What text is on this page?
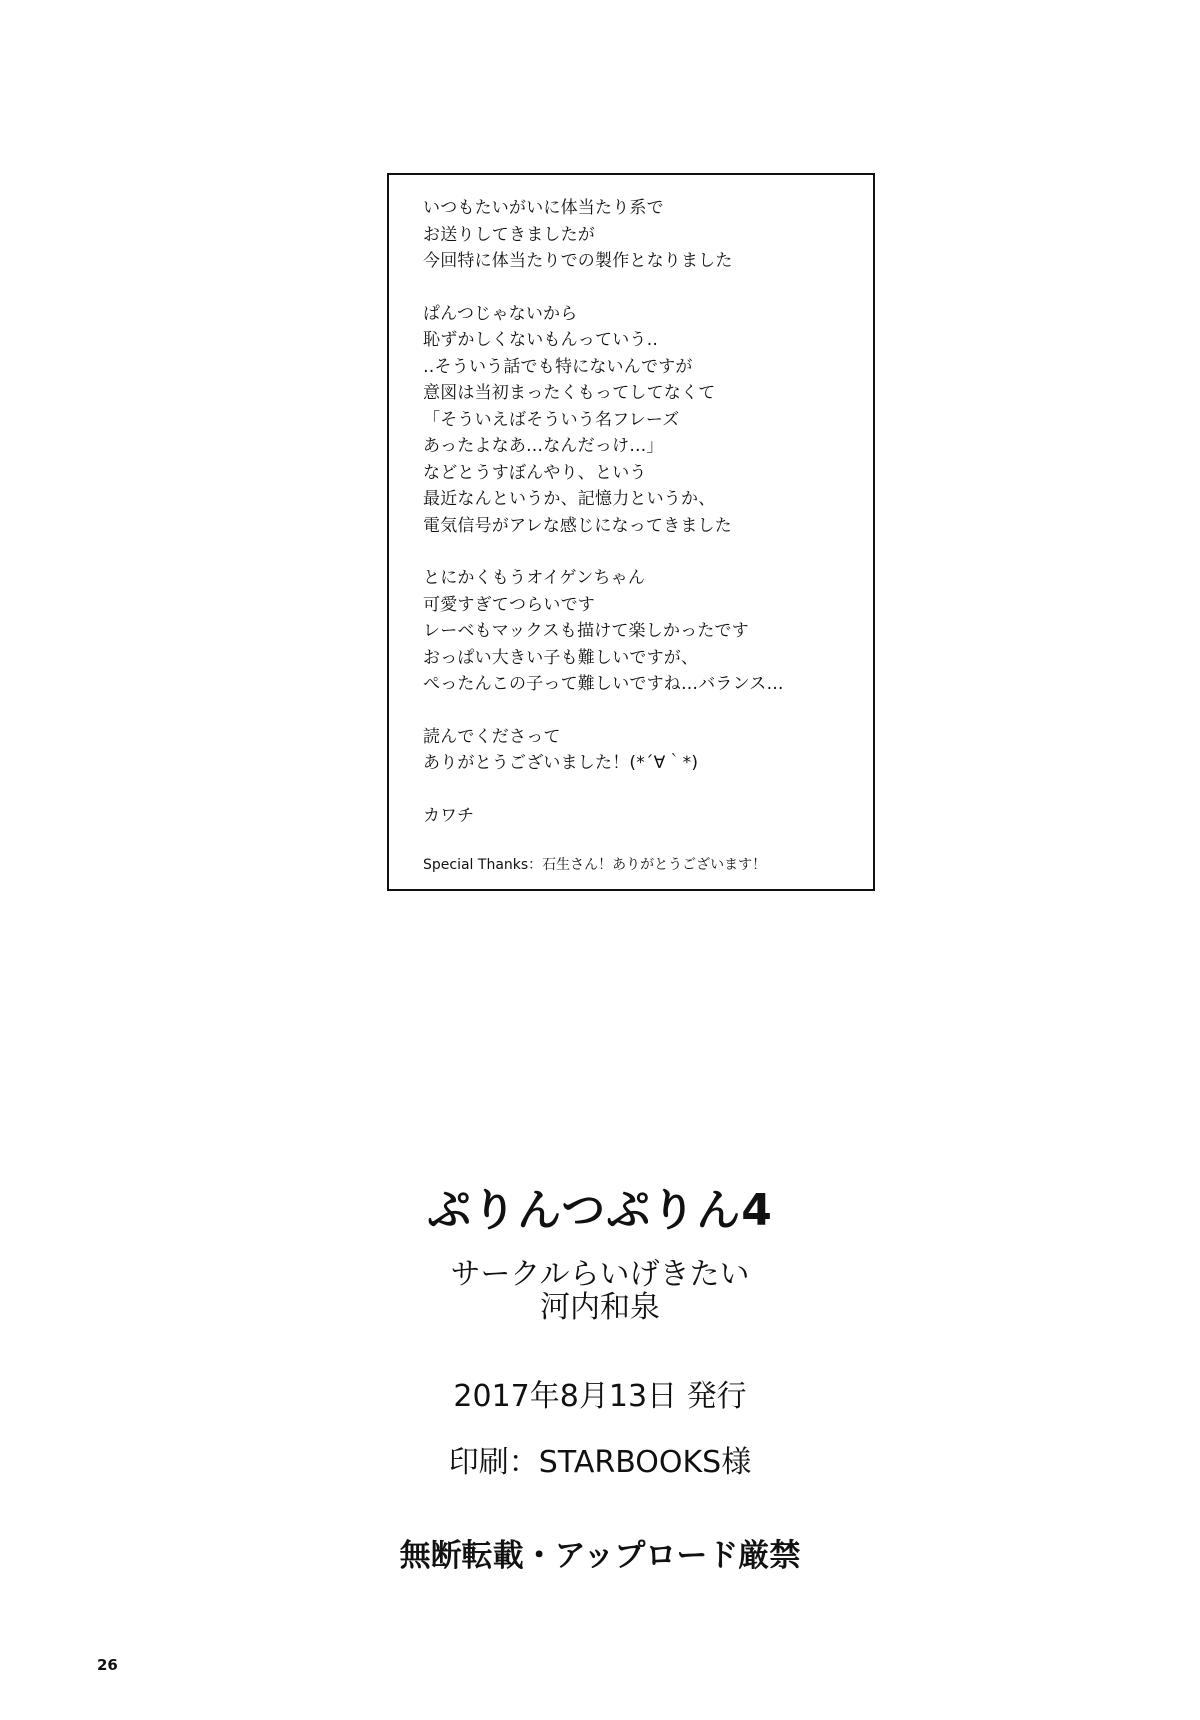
いつもたいがいに体当たり系で
お送りしてきましたが
今回特に体当たりでの製作となりました
ぱんつじゃないから
恥ずかしくないもんっていう‥
‥そういう話でも特にないんですが
意図は当初まったくもってしてなくて
「そういえばそういう名フレーズ
あったよなあ…なんだっけ…」
などとうすぼんやり、という
最近なんというか、記憶力というか、
電気信号がアレな感じになってきました
とにかくもうオイゲンちゃん
可愛すぎてつらいです
レーベもマックスも描けて楽しかったです
おっぱい大きい子も難しいですが、
ぺったんこの子って難しいですね…バランス…
読んでくださって
ありがとうございました！(*´∀｀*)
カワチ
Special Thanks：石生さん！ありがとうございます！
ぷりんつぷりん4
サークルらいげきたい
河内和泉
2017年8月13日 発行
印刷：STARBOOKS様
無断転載・アップロード厳禁
26
